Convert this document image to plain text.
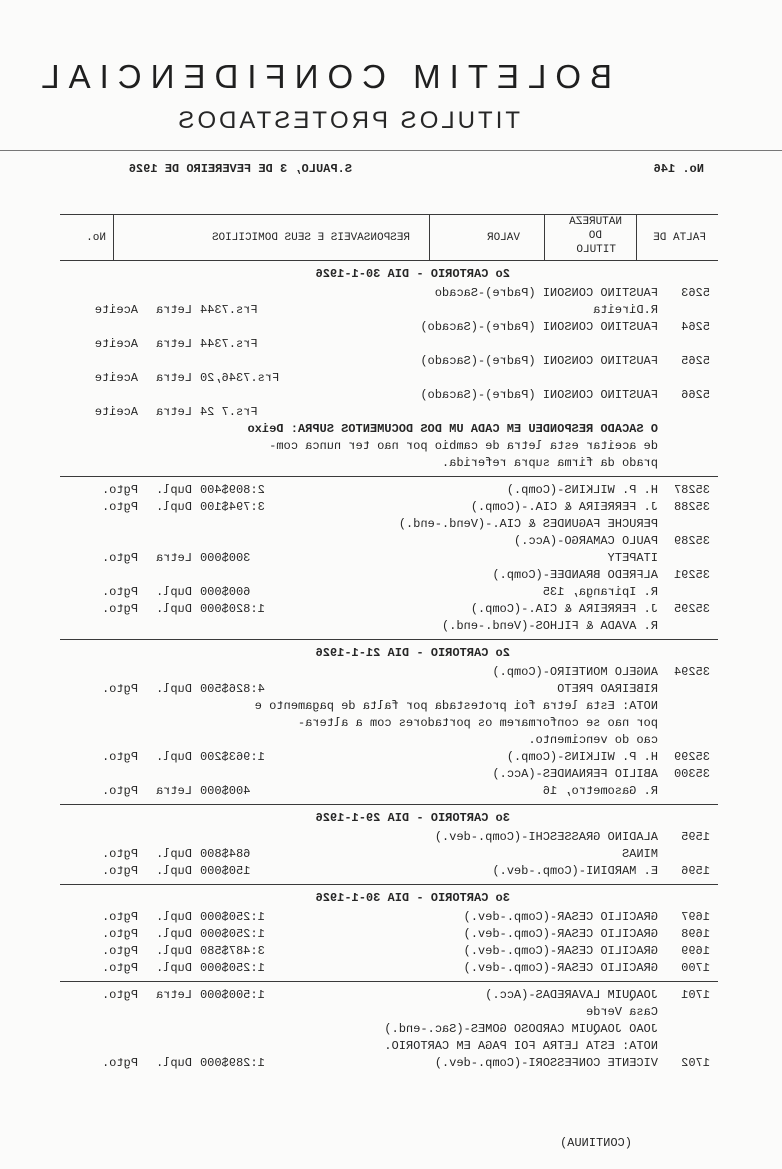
BOLETIM CONFIDENCIAL
TITULOS PROTESTADOS
No. 146
S.PAULO, 3 DE FEVEREIRO DE 1926
No.	RESPONSAVEIS E SEUS DOMICILIOS	VALOR
NATUREZA
DO
TITULO
FALTA DE
2o CARTORIO - DIA 30-1-1926
5263
FAUSTINO CONSONI (Padre)-Sacado
R.Direita
Frs.7344
Letra
Aceite
5264
FAUSTINO CONSONI (Padre)-(Sacado)
Frs.7344
Letra
Aceite
5265
FAUSTINO CONSONI (Padre)-(Sacado)
Frs.7346,20
Letra
Aceite
5266
FAUSTINO CONSONI (Padre)-(Sacado)
Frs.7 24
Letra
Aceite
O SACADO RESPONDEU EM CADA UM DOS DOCUMENTOS SUPRA: Deixo
de aceitar esta letra de cambio por nao ter nunca com-
prado da firma supra referida.
35287
H. P. WILKINS-(Comp.)
2:809$400
Dupl.
Pgto.
35288
J. FERREIRA & CIA.-(Comp.)
3:794$100
Dupl.
Pgto.
PERUCHE FAGUNDES & CIA.-(Vend.-end.)
35289
PAULO CAMARGO-(Acc.)
ITAPETY
300$000
Letra
Pgto.
35291
ALFREDO BRANDEE-(Comp.)
R. Ipiranga, 135
600$000
Dupl.
Pgto.
35295
J. FERREIRA & CIA.-(Comp.)
1:820$000
Dupl.
Pgto.
R. AVADA & FILHOS-(Vend.-end.)
2o CARTORIO - DIA 21-1-1926
35294
ANGELO MONTEIRO-(Comp.)
RIBEIRAO PRETO
4:826$500
Dupl.
Pgto.
NOTA: Esta letra foi protestada por falta de pagamento e
por nao se conformarem os portadores com a altera-
cao do vencimento.
35299
H. P. WILKINS-(Comp.)
1:963$200
Dupl.
Pgto.
35300
ABILIO FERNANDES-(Acc.)
R. Gasometro, 16
400$000
Letra
Pgto.
3o CARTORIO - DIA 29-1-1926
1595
ALADINO GRASSESCHI-(Comp.-dev.)
MINAS
684$800
Dupl.
Pgto.
1596
E. MARDINI-(Comp.-dev.)
150$000
Dupl.
Pgto.
3o CARTORIO - DIA 30-1-1926
1697
GRACILIO CESAR-(Comp.-dev.)
1:250$000
Dupl.
Pgto.
1698
GRACILIO CESAR-(Comp.-dev.)
1:250$000
Dupl.
Pgto.
1699
GRACILIO CESAR-(Comp.-dev.)
3:487$580
Dupl.
Pgto.
1700
GRACILIO CESAR-(Comp.-dev.)
1:250$000
Dupl.
Pgto.
1701
JOAQUIM LAVAREDAS-(Acc.)
1:500$000
Letra
Pgto.
Casa Verde
JOAO JOAQUIM CARDOSO GOMES-(Sac.-end.)
NOTA: ESTA LETRA FOI PAGA EM CARTORIO.
1702
VICENTE CONFESSORI-(Comp.-dev.)
1:289$000
Dupl.
Pgto.
(CONTINUA)
